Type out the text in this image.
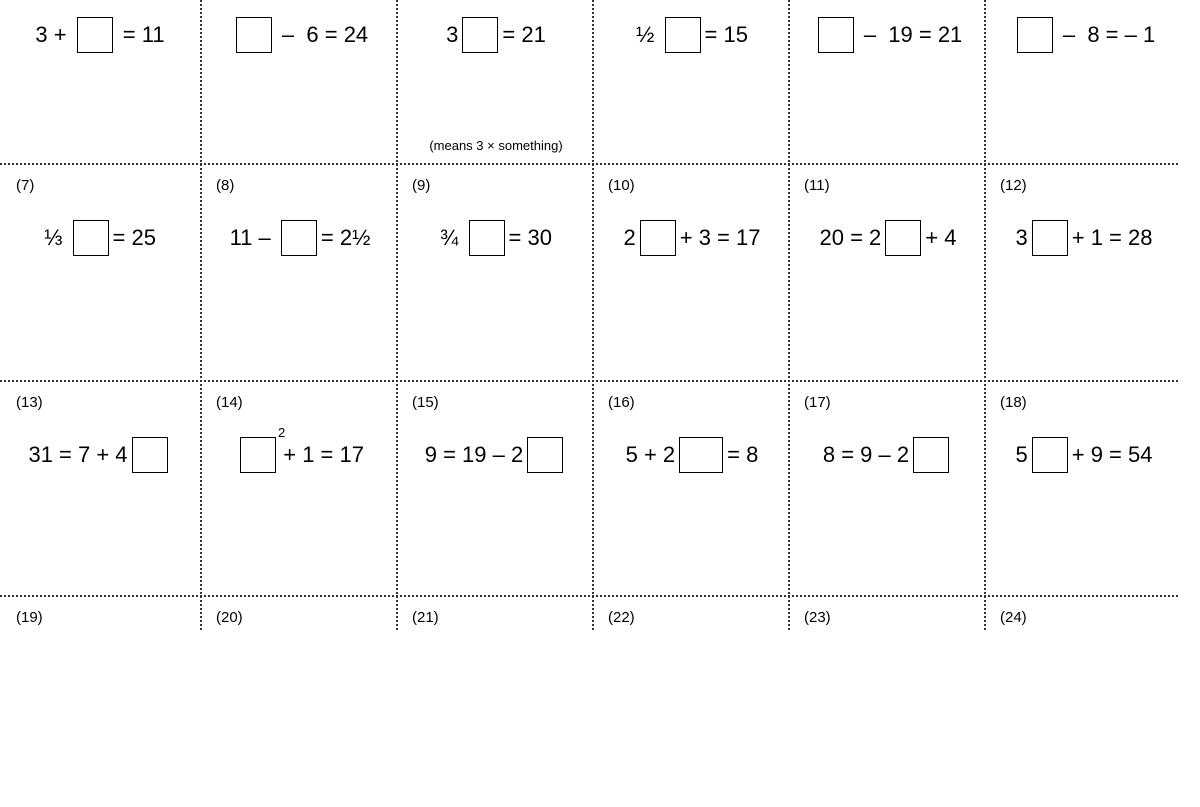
3 + = 11	–  6 = 24	3 = 21
(means 3 × something)
½ = 15	–  19 = 21	–  8 = – 1
(7)
⅓ = 25
(8)
11 – = 2½
(9)
¾ = 30
(10)
2 + 3 = 17
(11)
20 = 2 + 4
(12)
3 + 1 = 28
(13)
31 = 7 + 4
(14)
2
+ 1 = 17
(15)
9 = 19 – 2
(16)
5 + 2 = 8
(17)
8 = 9 – 2
(18)
5 + 9 = 54
(19)	(20)	(21)	(22)	(23)	(24)
